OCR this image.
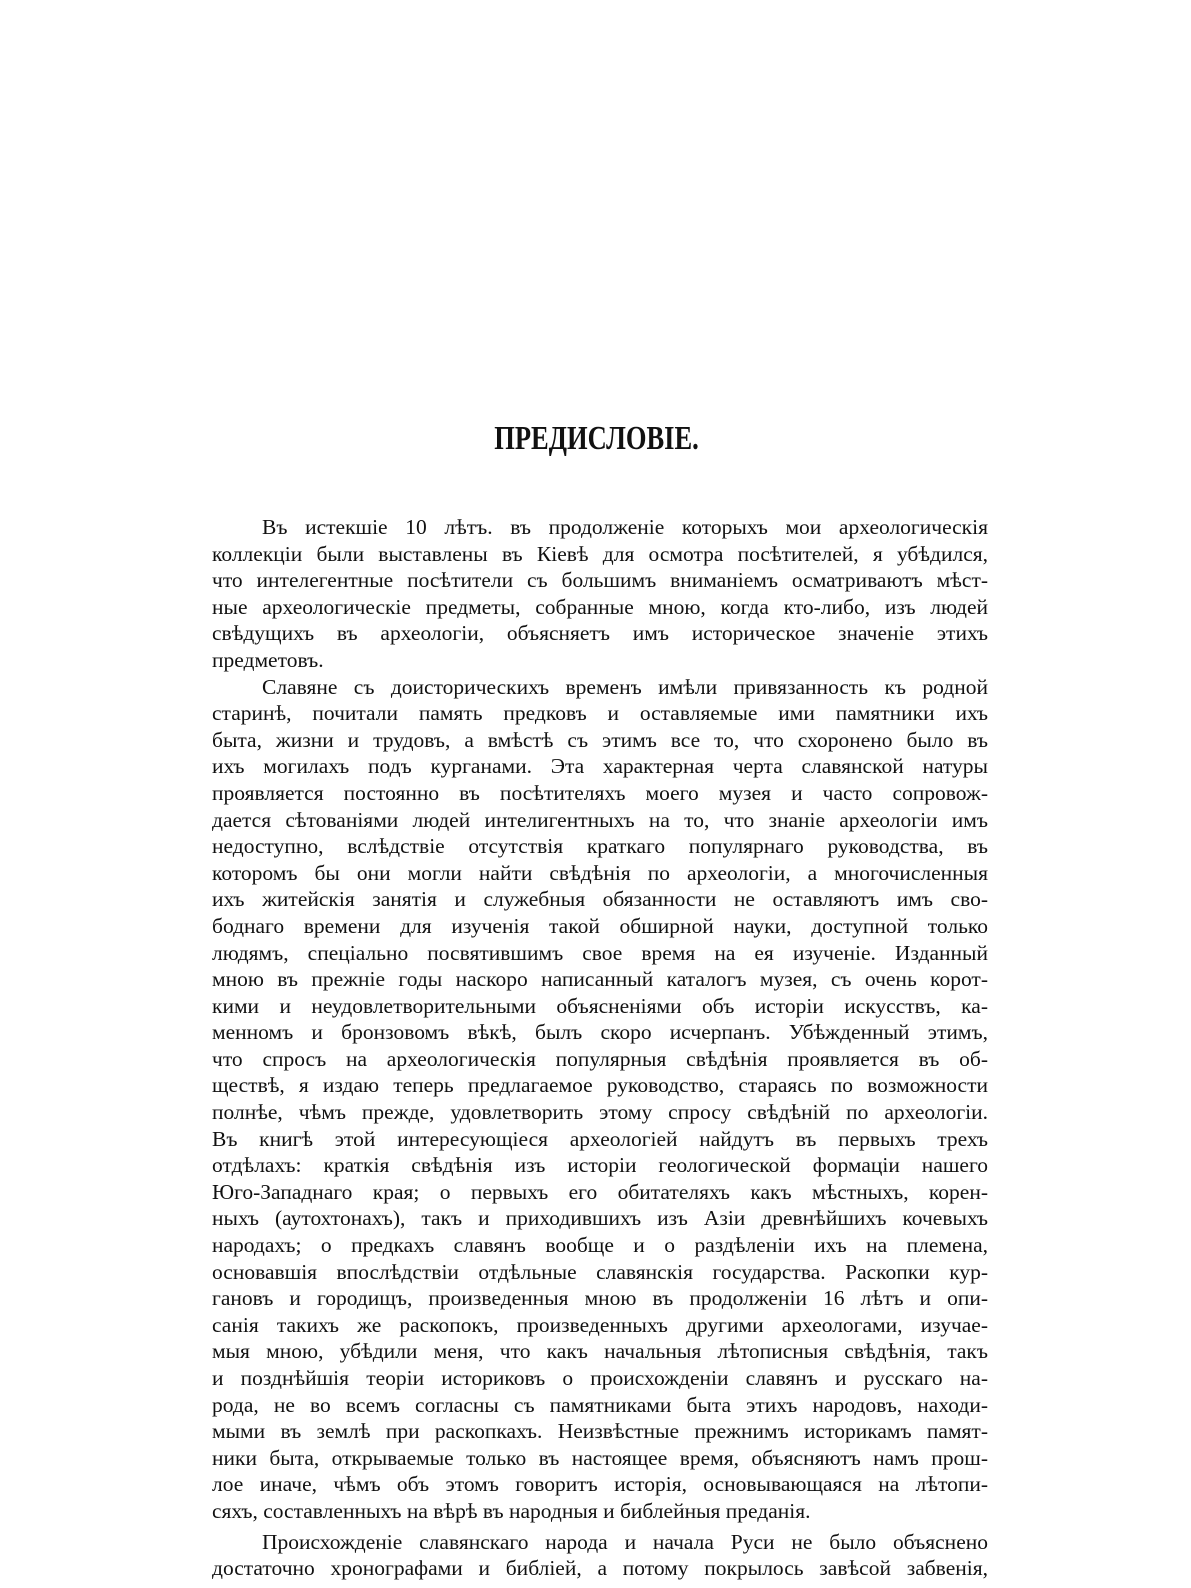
ПРЕДИСЛОВІЕ.
Въ истекшіе 10 лѣтъ. въ продолженіе которыхъ мои археологическія
коллекціи были выставлены въ Кіевѣ для осмотра посѣтителей, я убѣдился,
что интелегентные посѣтители съ большимъ вниманіемъ осматриваютъ мѣст-
ные археологическіе предметы, собранные мною, когда кто-либо, изъ людей
свѣдущихъ въ археологіи, объясняетъ имъ историческое значеніе этихъ
предметовъ.
Славяне съ доисторическихъ временъ имѣли привязанность къ родной
старинѣ, почитали память предковъ и оставляемые ими памятники ихъ
быта, жизни и трудовъ, а вмѣстѣ съ этимъ все то, что схоронено было въ
ихъ могилахъ подъ курганами. Эта характерная черта славянской натуры
проявляется постоянно въ посѣтителяхъ моего музея и часто сопровож-
дается сѣтованіями людей интелигентныхъ на то, что знаніе археологіи имъ
недоступно, вслѣдствіе отсутствія краткаго популярнаго руководства, въ
которомъ бы они могли найти свѣдѣнія по археологіи, а многочисленныя
ихъ житейскія занятія и служебныя обязанности не оставляютъ имъ сво-
боднаго времени для изученія такой обширной науки, доступной только
людямъ, спеціально посвятившимъ свое время на ея изученіе. Изданный
мною въ прежніе годы наскоро написанный каталогъ музея, съ очень корот-
кими и неудовлетворительными объясненіями объ исторіи искусствъ, ка-
менномъ и бронзовомъ вѣкѣ, былъ скоро исчерпанъ. Убѣжденный этимъ,
что спросъ на археологическія популярныя свѣдѣнія проявляется въ об-
ществѣ, я издаю теперь предлагаемое руководство, стараясь по возможности
полнѣе, чѣмъ прежде, удовлетворить этому спросу свѣдѣній по археологіи.
Въ книгѣ этой интересующіеся археологіей найдутъ въ первыхъ трехъ
отдѣлахъ: краткія свѣдѣнія изъ исторіи геологической формаціи нашего
Юго-Западнаго края; о первыхъ его обитателяхъ какъ мѣстныхъ, корен-
ныхъ (аутохтонахъ), такъ и приходившихъ изъ Азіи древнѣйшихъ кочевыхъ
народахъ; о предкахъ славянъ вообще и о раздѣленіи ихъ на племена,
основавшія впослѣдствіи отдѣльные славянскія государства. Раскопки кур-
гановъ и городищъ, произведенныя мною въ продолженіи 16 лѣтъ и опи-
санія такихъ же раскопокъ, произведенныхъ другими археологами, изучае-
мыя мною, убѣдили меня, что какъ начальныя лѣтописныя свѣдѣнія, такъ
и позднѣйшія теоріи историковъ о происхожденіи славянъ и русскаго на-
рода, не во всемъ согласны съ памятниками быта этихъ народовъ, находи-
мыми въ землѣ при раскопкахъ. Неизвѣстные прежнимъ историкамъ памят-
ники быта, открываемые только въ настоящее время, объясняютъ намъ прош-
лое иначе, чѣмъ объ этомъ говоритъ исторія, основывающаяся на лѣтопи-
сяхъ, составленныхъ на вѣрѣ въ народныя и библейныя преданія.
Происхожденіе славянскаго народа и начала Руси не было объяснено
достаточно хронографами и библіей, а потому покрылось завѣсой забвенія,
